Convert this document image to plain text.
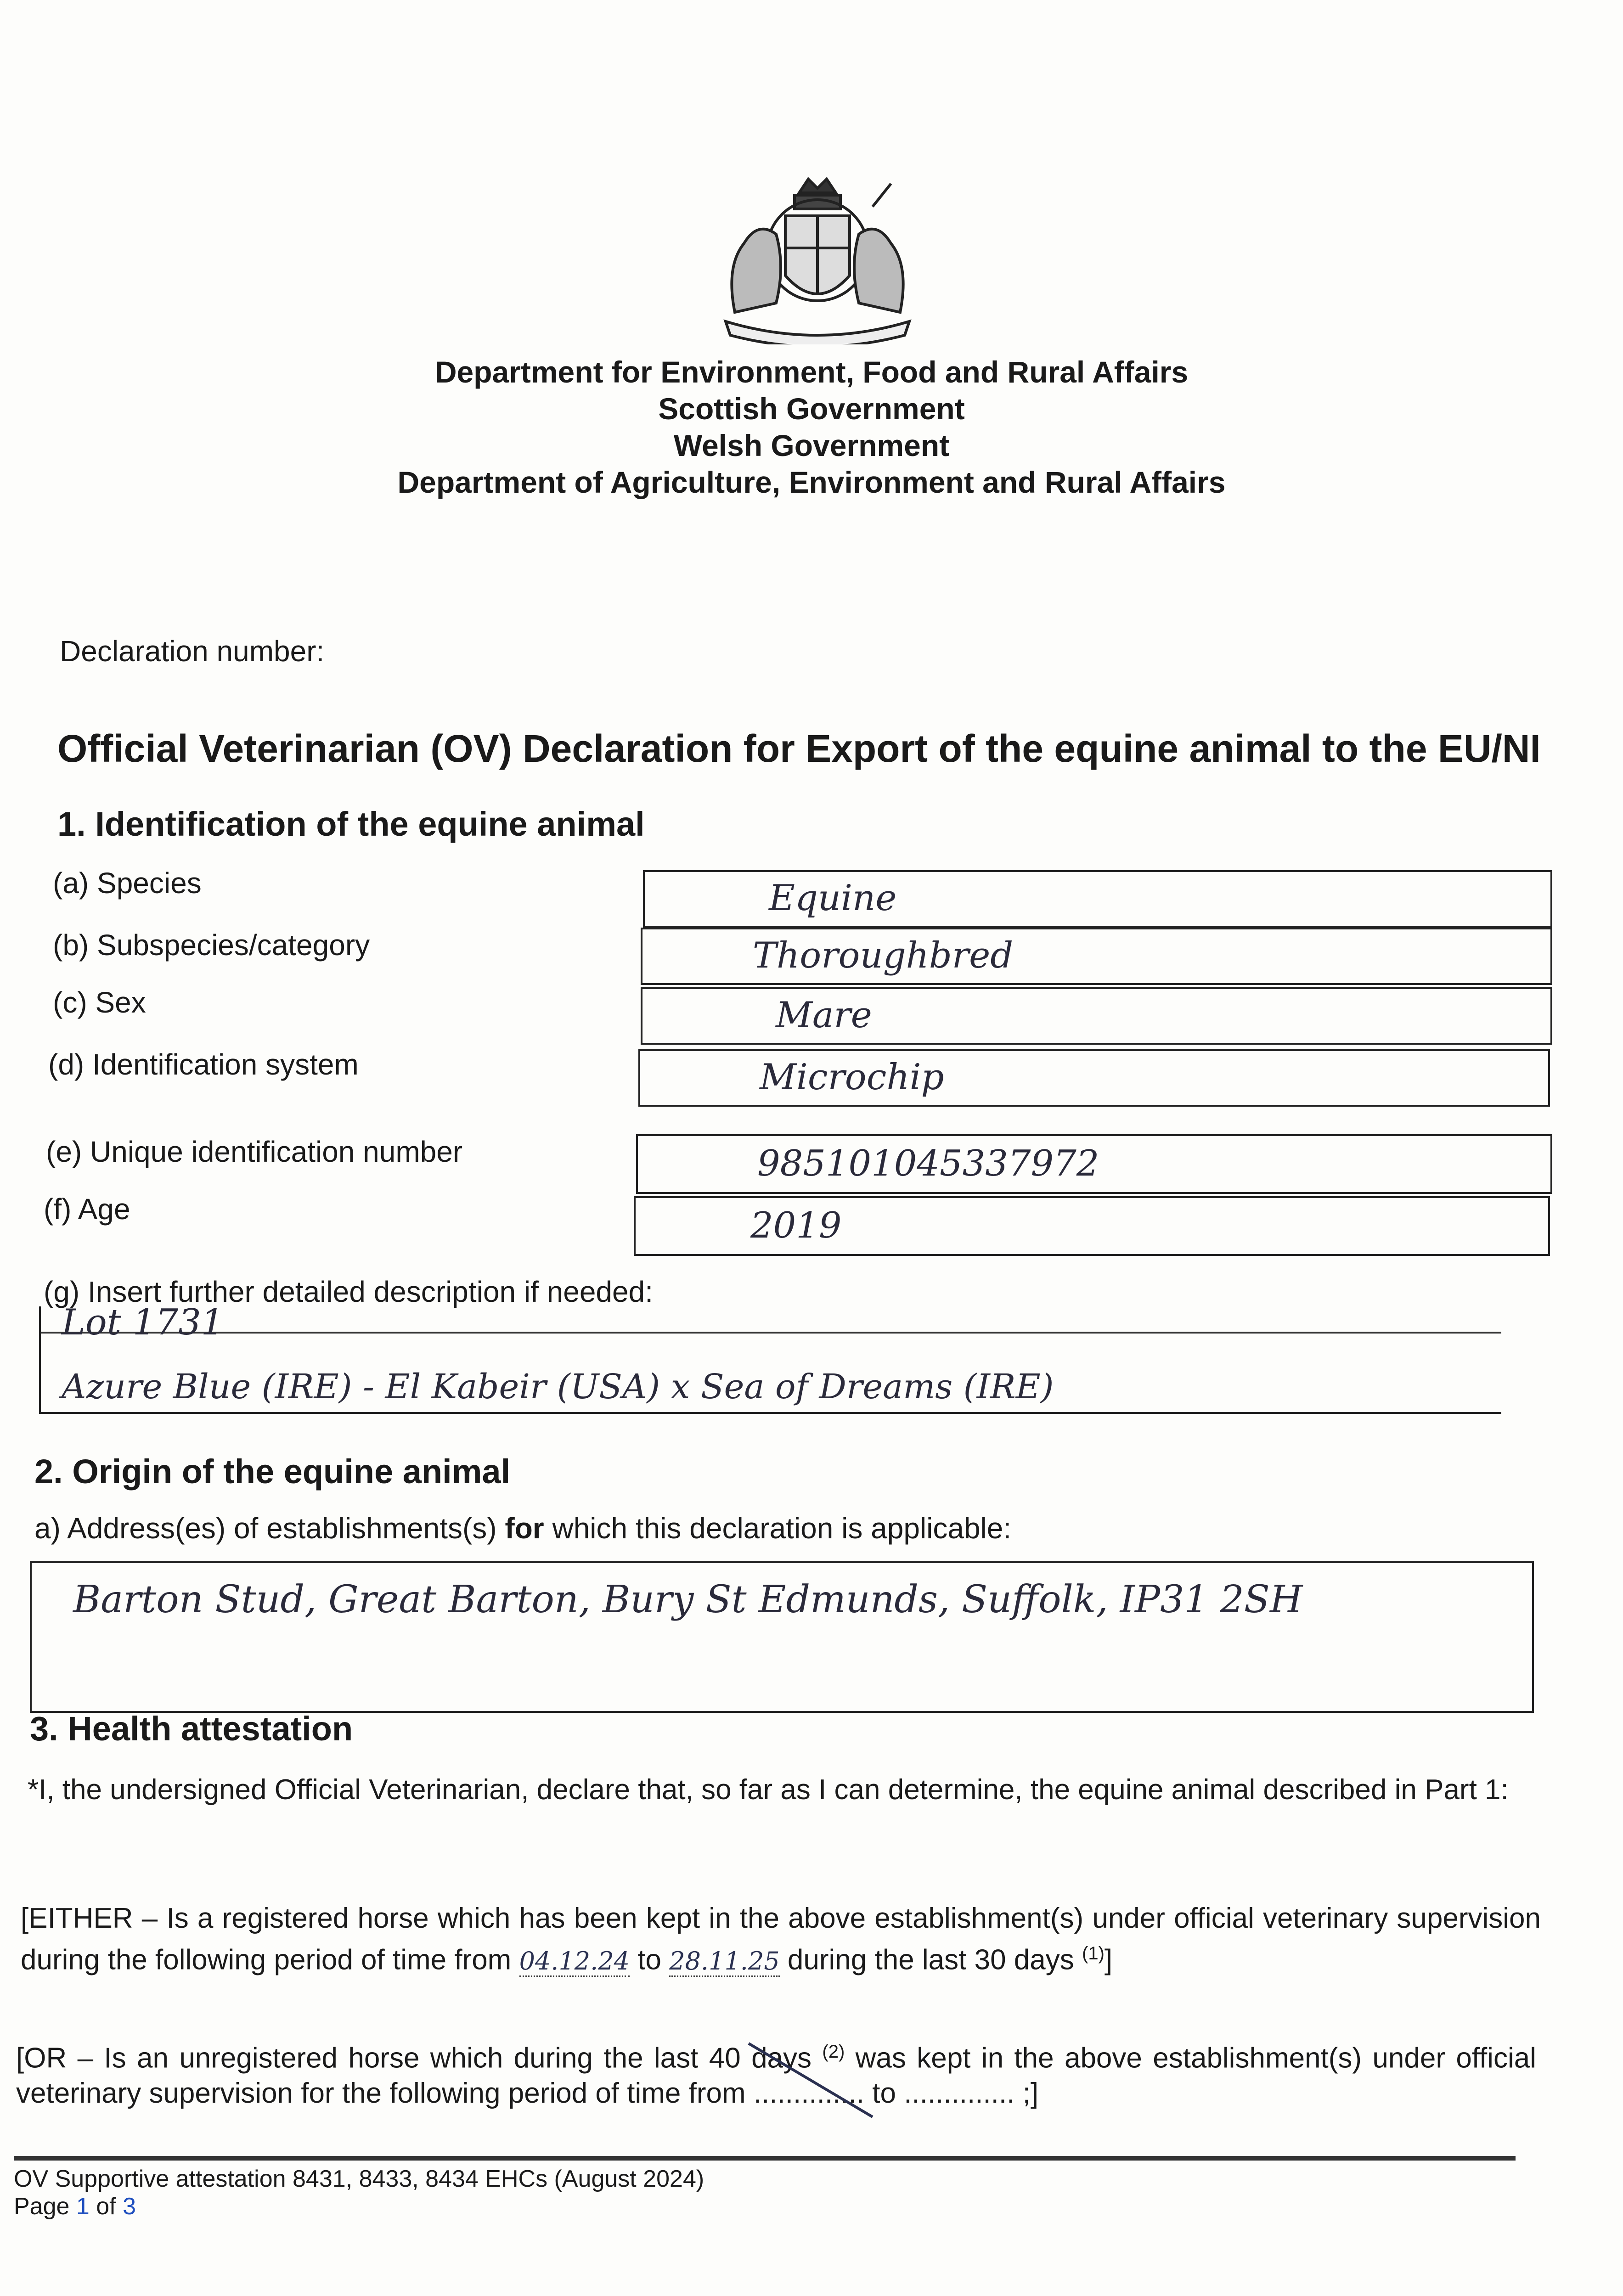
Department for Environment, Food and Rural Affairs
Scottish Government
Welsh Government
Department of Agriculture, Environment and Rural Affairs
Declaration number:
Official Veterinarian (OV) Declaration for Export of the equine animal to the EU/NI
1. Identification of the equine animal
(a) Species	Equine
(b) Subspecies/category	Thoroughbred
(c) Sex	Mare
(d) Identification system	Microchip
(e) Unique identification number	985101045337972
(f) Age	2019
(g) Insert further detailed description if needed:
Lot 1731
Azure Blue (IRE) - El Kabeir (USA) x Sea of Dreams (IRE)
2. Origin of the equine animal
a) Address(es) of establishments(s) for which this declaration is applicable:
Barton Stud, Great Barton, Bury St Edmunds, Suffolk, IP31 2SH
3. Health attestation
*I, the undersigned Official Veterinarian, declare that, so far as I can determine, the equine animal described in Part 1:
[EITHER – Is a registered horse which has been kept in the above establishment(s) under official veterinary supervision during the following period of time from 04.12.24 to 28.11.25 during the last 30 days $^{(1)}$]
[OR – Is an unregistered horse which during the last 40 days $^{(2)}$ was kept in the above establishment(s) under official veterinary supervision for the following period of time from .............. to .............. ;]
OV Supportive attestation 8431, 8433, 8434 EHCs (August 2024)
Page 1 of 3
